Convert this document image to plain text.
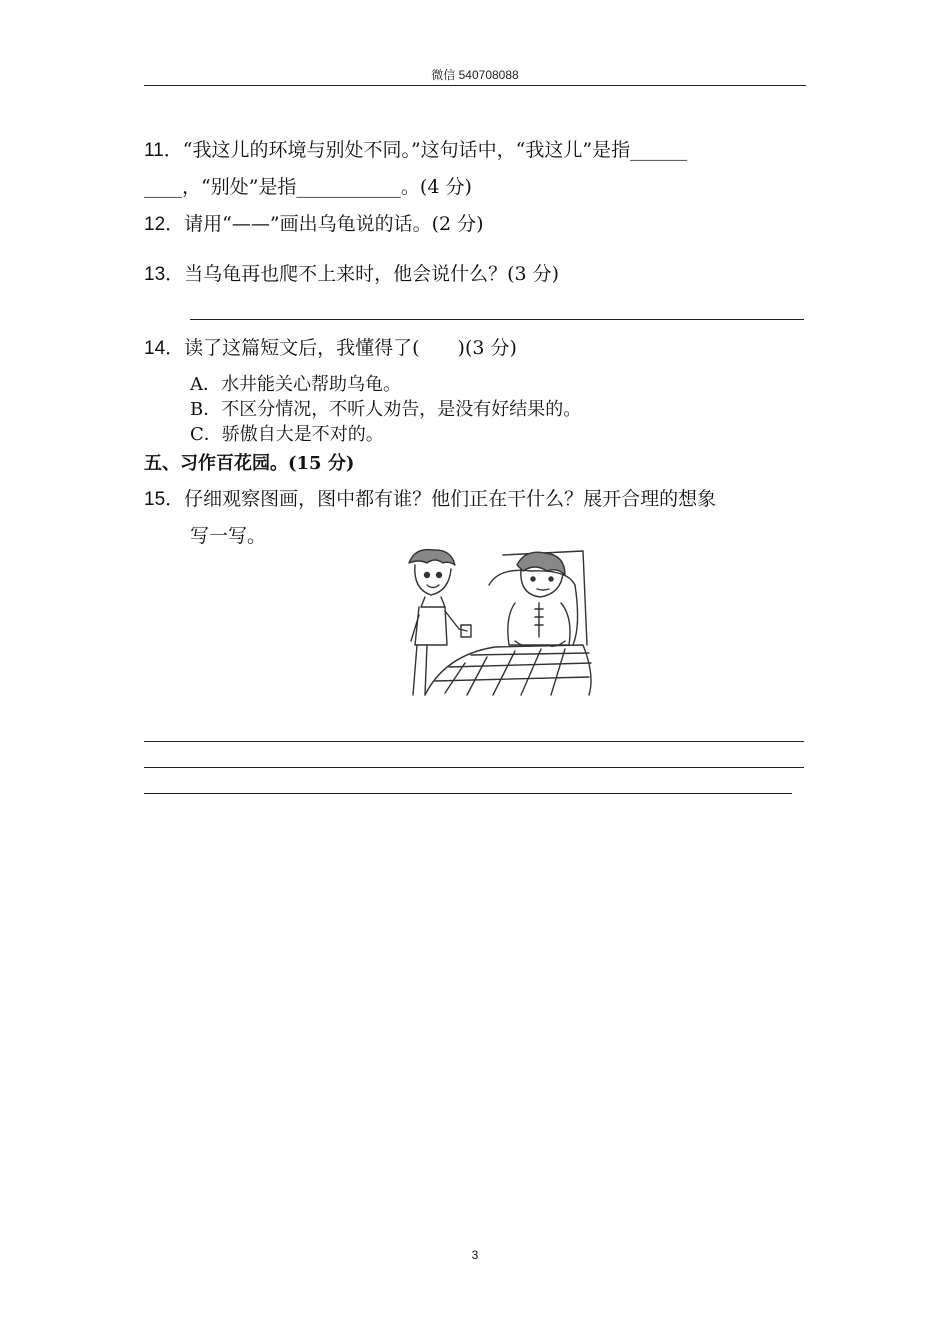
微信 540708088
11．“我这儿的环境与别处不同。”这句话中，“我这儿”是指______
____，“别处”是指___________。(4 分)
12．请用“——”画出乌龟说的话。(2 分)
13．当乌龟再也爬不上来时，他会说什么？(3 分)
14．读了这篇短文后，我懂得了(　　)(3 分)
A．水井能关心帮助乌龟。
B．不区分情况，不听人劝告，是没有好结果的。
C．骄傲自大是不对的。
五、习作百花园。(15 分)
15．仔细观察图画，图中都有谁？他们正在干什么？展开合理的想象
写一写。
3
